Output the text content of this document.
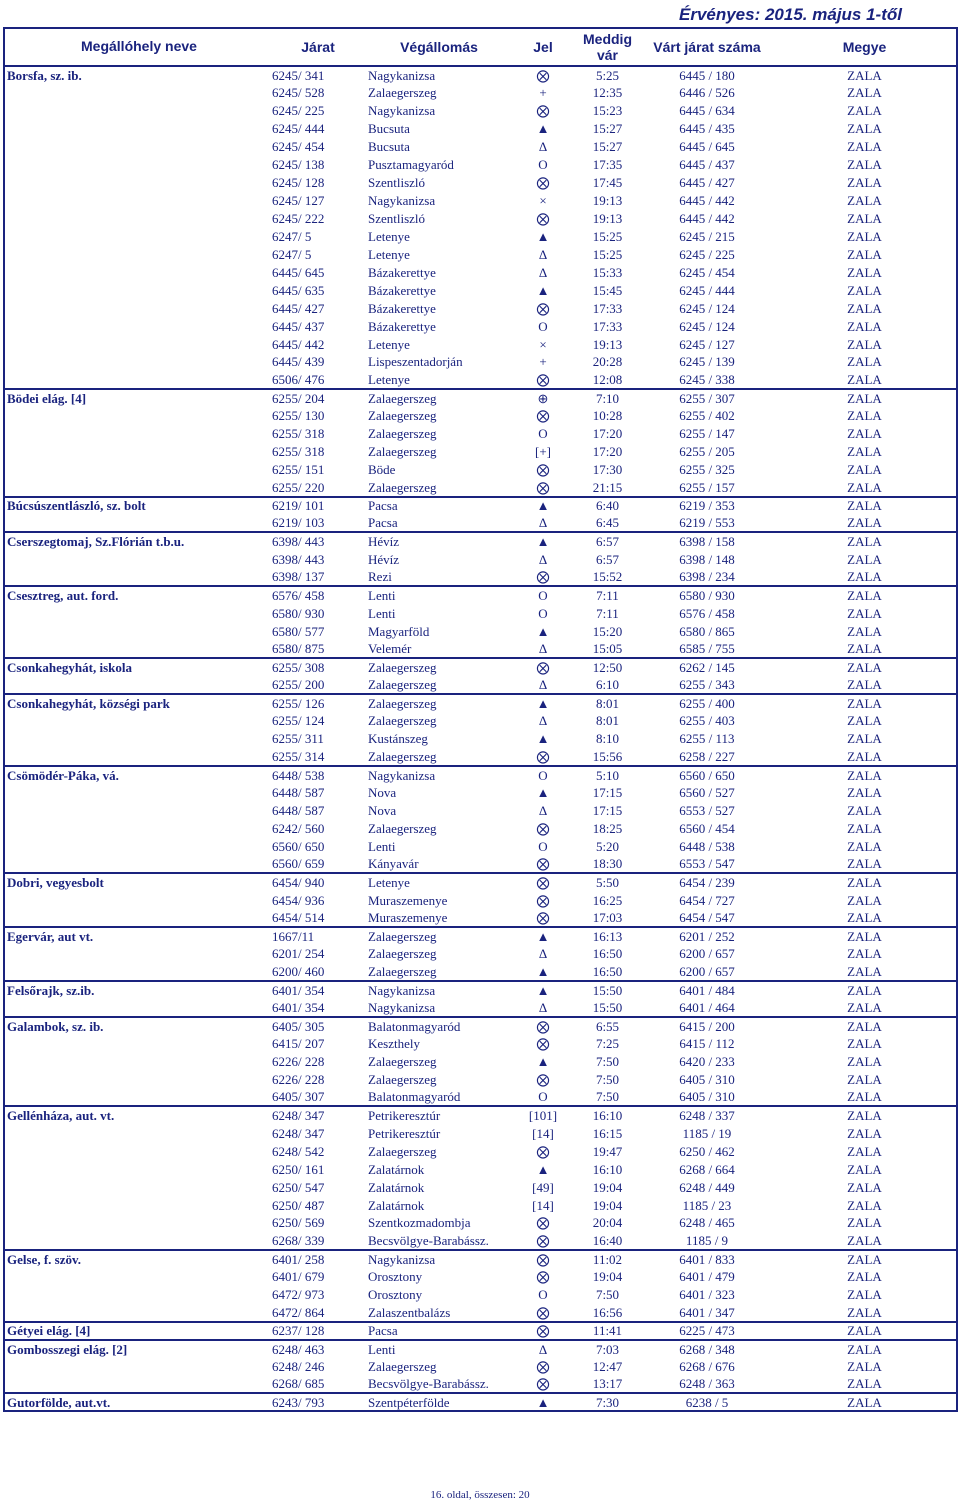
Érvényes: 2015. május 1-től
Megállóhely neve	Járat	Végállomás	Jel	Meddig vár	Várt járat száma	Megye
Borsfa, sz. ib.	6245/ 341	Nagykanizsa	⨂	5:25	6445 / 180	ZALA
	6245/ 528	Zalaegerszeg	+	12:35	6446 / 526	ZALA
	6245/ 225	Nagykanizsa	⨂	15:23	6445 / 634	ZALA
	6245/ 444	Bucsuta	▲	15:27	6445 / 435	ZALA
	6245/ 454	Bucsuta	Δ	15:27	6445 / 645	ZALA
	6245/ 138	Pusztamagyaród	O	17:35	6445 / 437	ZALA
	6245/ 128	Szentliszló	⨂	17:45	6445 / 427	ZALA
	6245/ 127	Nagykanizsa	×	19:13	6445 / 442	ZALA
	6245/ 222	Szentliszló	⨂	19:13	6445 / 442	ZALA
	6247/ 5	Letenye	▲	15:25	6245 / 215	ZALA
	6247/ 5	Letenye	Δ	15:25	6245 / 225	ZALA
	6445/ 645	Bázakerettye	Δ	15:33	6245 / 454	ZALA
	6445/ 635	Bázakerettye	▲	15:45	6245 / 444	ZALA
	6445/ 427	Bázakerettye	⨂	17:33	6245 / 124	ZALA
	6445/ 437	Bázakerettye	O	17:33	6245 / 124	ZALA
	6445/ 442	Letenye	×	19:13	6245 / 127	ZALA
	6445/ 439	Lispeszentadorján	+	20:28	6245 / 139	ZALA
	6506/ 476	Letenye	⨂	12:08	6245 / 338	ZALA
Bödei elág. [4]	6255/ 204	Zalaegerszeg	⊕	7:10	6255 / 307	ZALA
	6255/ 130	Zalaegerszeg	⨂	10:28	6255 / 402	ZALA
	6255/ 318	Zalaegerszeg	O	17:20	6255 / 147	ZALA
	6255/ 318	Zalaegerszeg	[+]	17:20	6255 / 205	ZALA
	6255/ 151	Böde	⨂	17:30	6255 / 325	ZALA
	6255/ 220	Zalaegerszeg	⨂	21:15	6255 / 157	ZALA
Búcsúszentlászló, sz. bolt	6219/ 101	Pacsa	▲	6:40	6219 / 353	ZALA
	6219/ 103	Pacsa	Δ	6:45	6219 / 553	ZALA
Cserszegtomaj, Sz.Flórián t.b.u.	6398/ 443	Hévíz	▲	6:57	6398 / 158	ZALA
	6398/ 443	Hévíz	Δ	6:57	6398 / 148	ZALA
	6398/ 137	Rezi	⨂	15:52	6398 / 234	ZALA
Csesztreg, aut. ford.	6576/ 458	Lenti	O	7:11	6580 / 930	ZALA
	6580/ 930	Lenti	O	7:11	6576 / 458	ZALA
	6580/ 577	Magyarföld	▲	15:20	6580 / 865	ZALA
	6580/ 875	Velemér	Δ	15:05	6585 / 755	ZALA
Csonkahegyhát, iskola	6255/ 308	Zalaegerszeg	⨂	12:50	6262 / 145	ZALA
	6255/ 200	Zalaegerszeg	Δ	6:10	6255 / 343	ZALA
Csonkahegyhát, községi park	6255/ 126	Zalaegerszeg	▲	8:01	6255 / 400	ZALA
	6255/ 124	Zalaegerszeg	Δ	8:01	6255 / 403	ZALA
	6255/ 311	Kustánszeg	▲	8:10	6255 / 113	ZALA
	6255/ 314	Zalaegerszeg	⨂	15:56	6258 / 227	ZALA
Csömödér-Páka, vá.	6448/ 538	Nagykanizsa	O	5:10	6560 / 650	ZALA
	6448/ 587	Nova	▲	17:15	6560 / 527	ZALA
	6448/ 587	Nova	Δ	17:15	6553 / 527	ZALA
	6242/ 560	Zalaegerszeg	⨂	18:25	6560 / 454	ZALA
	6560/ 650	Lenti	O	5:20	6448 / 538	ZALA
	6560/ 659	Kányavár	⨂	18:30	6553 / 547	ZALA
Dobri, vegyesbolt	6454/ 940	Letenye	⨂	5:50	6454 / 239	ZALA
	6454/ 936	Muraszemenye	⨂	16:25	6454 / 727	ZALA
	6454/ 514	Muraszemenye	⨂	17:03	6454 / 547	ZALA
Egervár, aut vt.	1667/11	Zalaegerszeg	▲	16:13	6201 / 252	ZALA
	6201/ 254	Zalaegerszeg	Δ	16:50	6200 / 657	ZALA
	6200/ 460	Zalaegerszeg	▲	16:50	6200 / 657	ZALA
Felsőrajk, sz.ib.	6401/ 354	Nagykanizsa	▲	15:50	6401 / 484	ZALA
	6401/ 354	Nagykanizsa	Δ	15:50	6401 / 464	ZALA
Galambok, sz. ib.	6405/ 305	Balatonmagyaród	⨂	6:55	6415 / 200	ZALA
	6415/ 207	Keszthely	⨂	7:25	6415 / 112	ZALA
	6226/ 228	Zalaegerszeg	▲	7:50	6420 / 233	ZALA
	6226/ 228	Zalaegerszeg	⨂	7:50	6405 / 310	ZALA
	6405/ 307	Balatonmagyaród	O	7:50	6405 / 310	ZALA
Gellénháza, aut. vt.	6248/ 347	Petrikeresztúr	[101]	16:10	6248 / 337	ZALA
	6248/ 347	Petrikeresztúr	[14]	16:15	1185 / 19	ZALA
	6248/ 542	Zalaegerszeg	⨂	19:47	6250 / 462	ZALA
	6250/ 161	Zalatárnok	▲	16:10	6268 / 664	ZALA
	6250/ 547	Zalatárnok	[49]	19:04	6248 / 449	ZALA
	6250/ 487	Zalatárnok	[14]	19:04	1185 / 23	ZALA
	6250/ 569	Szentkozmadombja	⨂	20:04	6248 / 465	ZALA
	6268/ 339	Becsvölgye-Barabássz.	⨂	16:40	1185 / 9	ZALA
Gelse, f. szöv.	6401/ 258	Nagykanizsa	⨂	11:02	6401 / 833	ZALA
	6401/ 679	Orosztony	⨂	19:04	6401 / 479	ZALA
	6472/ 973	Orosztony	O	7:50	6401 / 323	ZALA
	6472/ 864	Zalaszentbalázs	⨂	16:56	6401 / 347	ZALA
Gétyei elág. [4]	6237/ 128	Pacsa	⨂	11:41	6225 / 473	ZALA
Gombosszegi elág. [2]	6248/ 463	Lenti	Δ	7:03	6268 / 348	ZALA
	6248/ 246	Zalaegerszeg	⨂	12:47	6268 / 676	ZALA
	6268/ 685	Becsvölgye-Barabássz.	⨂	13:17	6248 / 363	ZALA
Gutorfölde, aut.vt.	6243/ 793	Szentpéterfölde	▲	7:30	6238 / 5	ZALA
16. oldal, összesen: 20
